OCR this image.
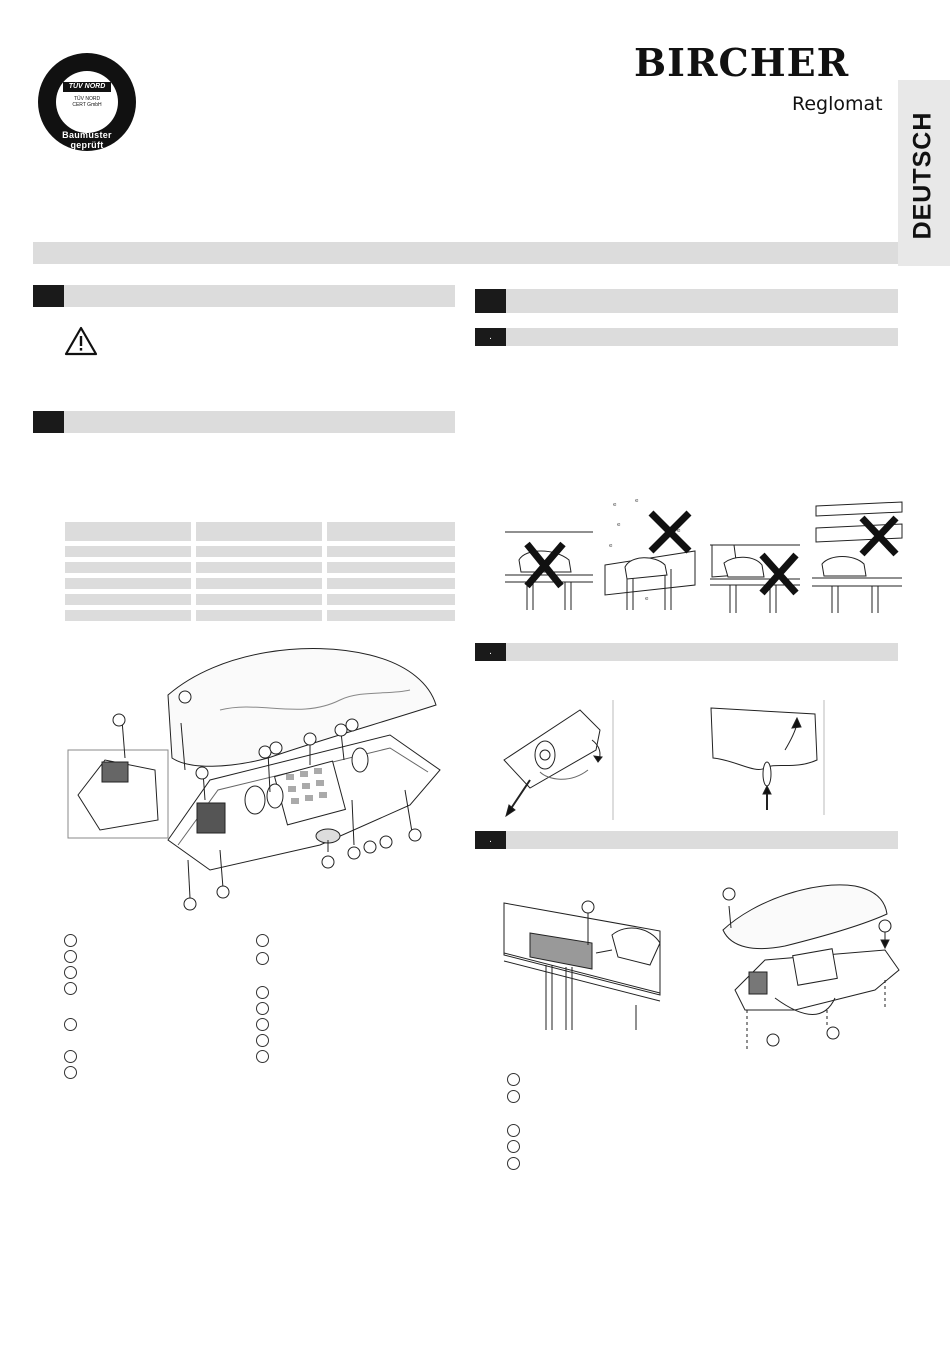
TÜV NORD
TÜV NORD CERT GmbH
Baumuster geprüft
BIRCHER
Reglomat
DEUTSCH
.
ᵉ ᵉ
ᵉ
ᵉ
ᵉ
ᵉ
.
.
